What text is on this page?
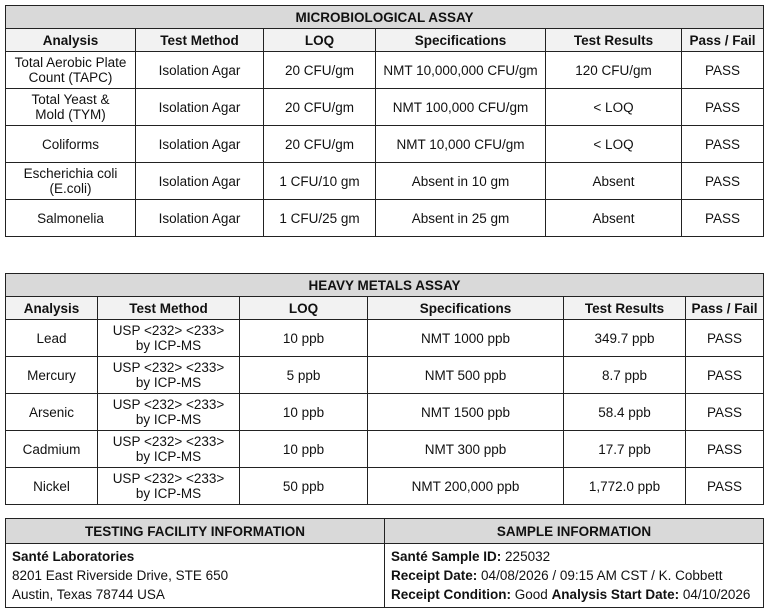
MICROBIOLOGICAL ASSAY					
Analysis	Test Method	LOQ	Specifications	Test Results	Pass / Fail

Total Aerobic Plate
Count (TAPC)	Isolation Agar	20 CFU/gm	NMT 10,000,000 CFU/gm	120 CFU/gm	PASS

Total Yeast &
Mold (TYM)	Isolation Agar	20 CFU/gm	NMT 100,000 CFU/gm	< LOQ	PASS

Coliforms	Isolation Agar	20 CFU/gm	NMT 10,000 CFU/gm	< LOQ	PASS

Escherichia coli
(E.coli)	Isolation Agar	1 CFU/10 gm	Absent in 10 gm	Absent	PASS

Salmonelia	Isolation Agar	1 CFU/25 gm	Absent in 25 gm	Absent	PASS
HEAVY METALS ASSAY					
Analysis	Test Method	LOQ	Specifications	Test Results	Pass / Fail
Lead	USP <232> <233>
by ICP-MS	10 ppb	NMT 1000 ppb	349.7 ppb	PASS
Mercury	USP <232> <233>
by ICP-MS	5 ppb	NMT 500 ppb	8.7 ppb	PASS
Arsenic	USP <232> <233>
by ICP-MS	10 ppb	NMT 1500 ppb	58.4 ppb	PASS
Cadmium	USP <232> <233>
by ICP-MS	10 ppb	NMT 300 ppb	17.7 ppb	PASS
Nickel	USP <232> <233>
by ICP-MS	50 ppb	NMT 200,000 ppb	1,772.0 ppb	PASS
TESTING FACILITY INFORMATION	SAMPLE INFORMATION

Santé Laboratories
8201 East Riverside Drive, STE 650
Austin, Texas 78744 USA	Santé Sample ID: 225032
Receipt Date: 04/08/2026 / 09:15 AM CST / K. Cobbett
Receipt Condition: Good Analysis Start Date: 04/10/2026
